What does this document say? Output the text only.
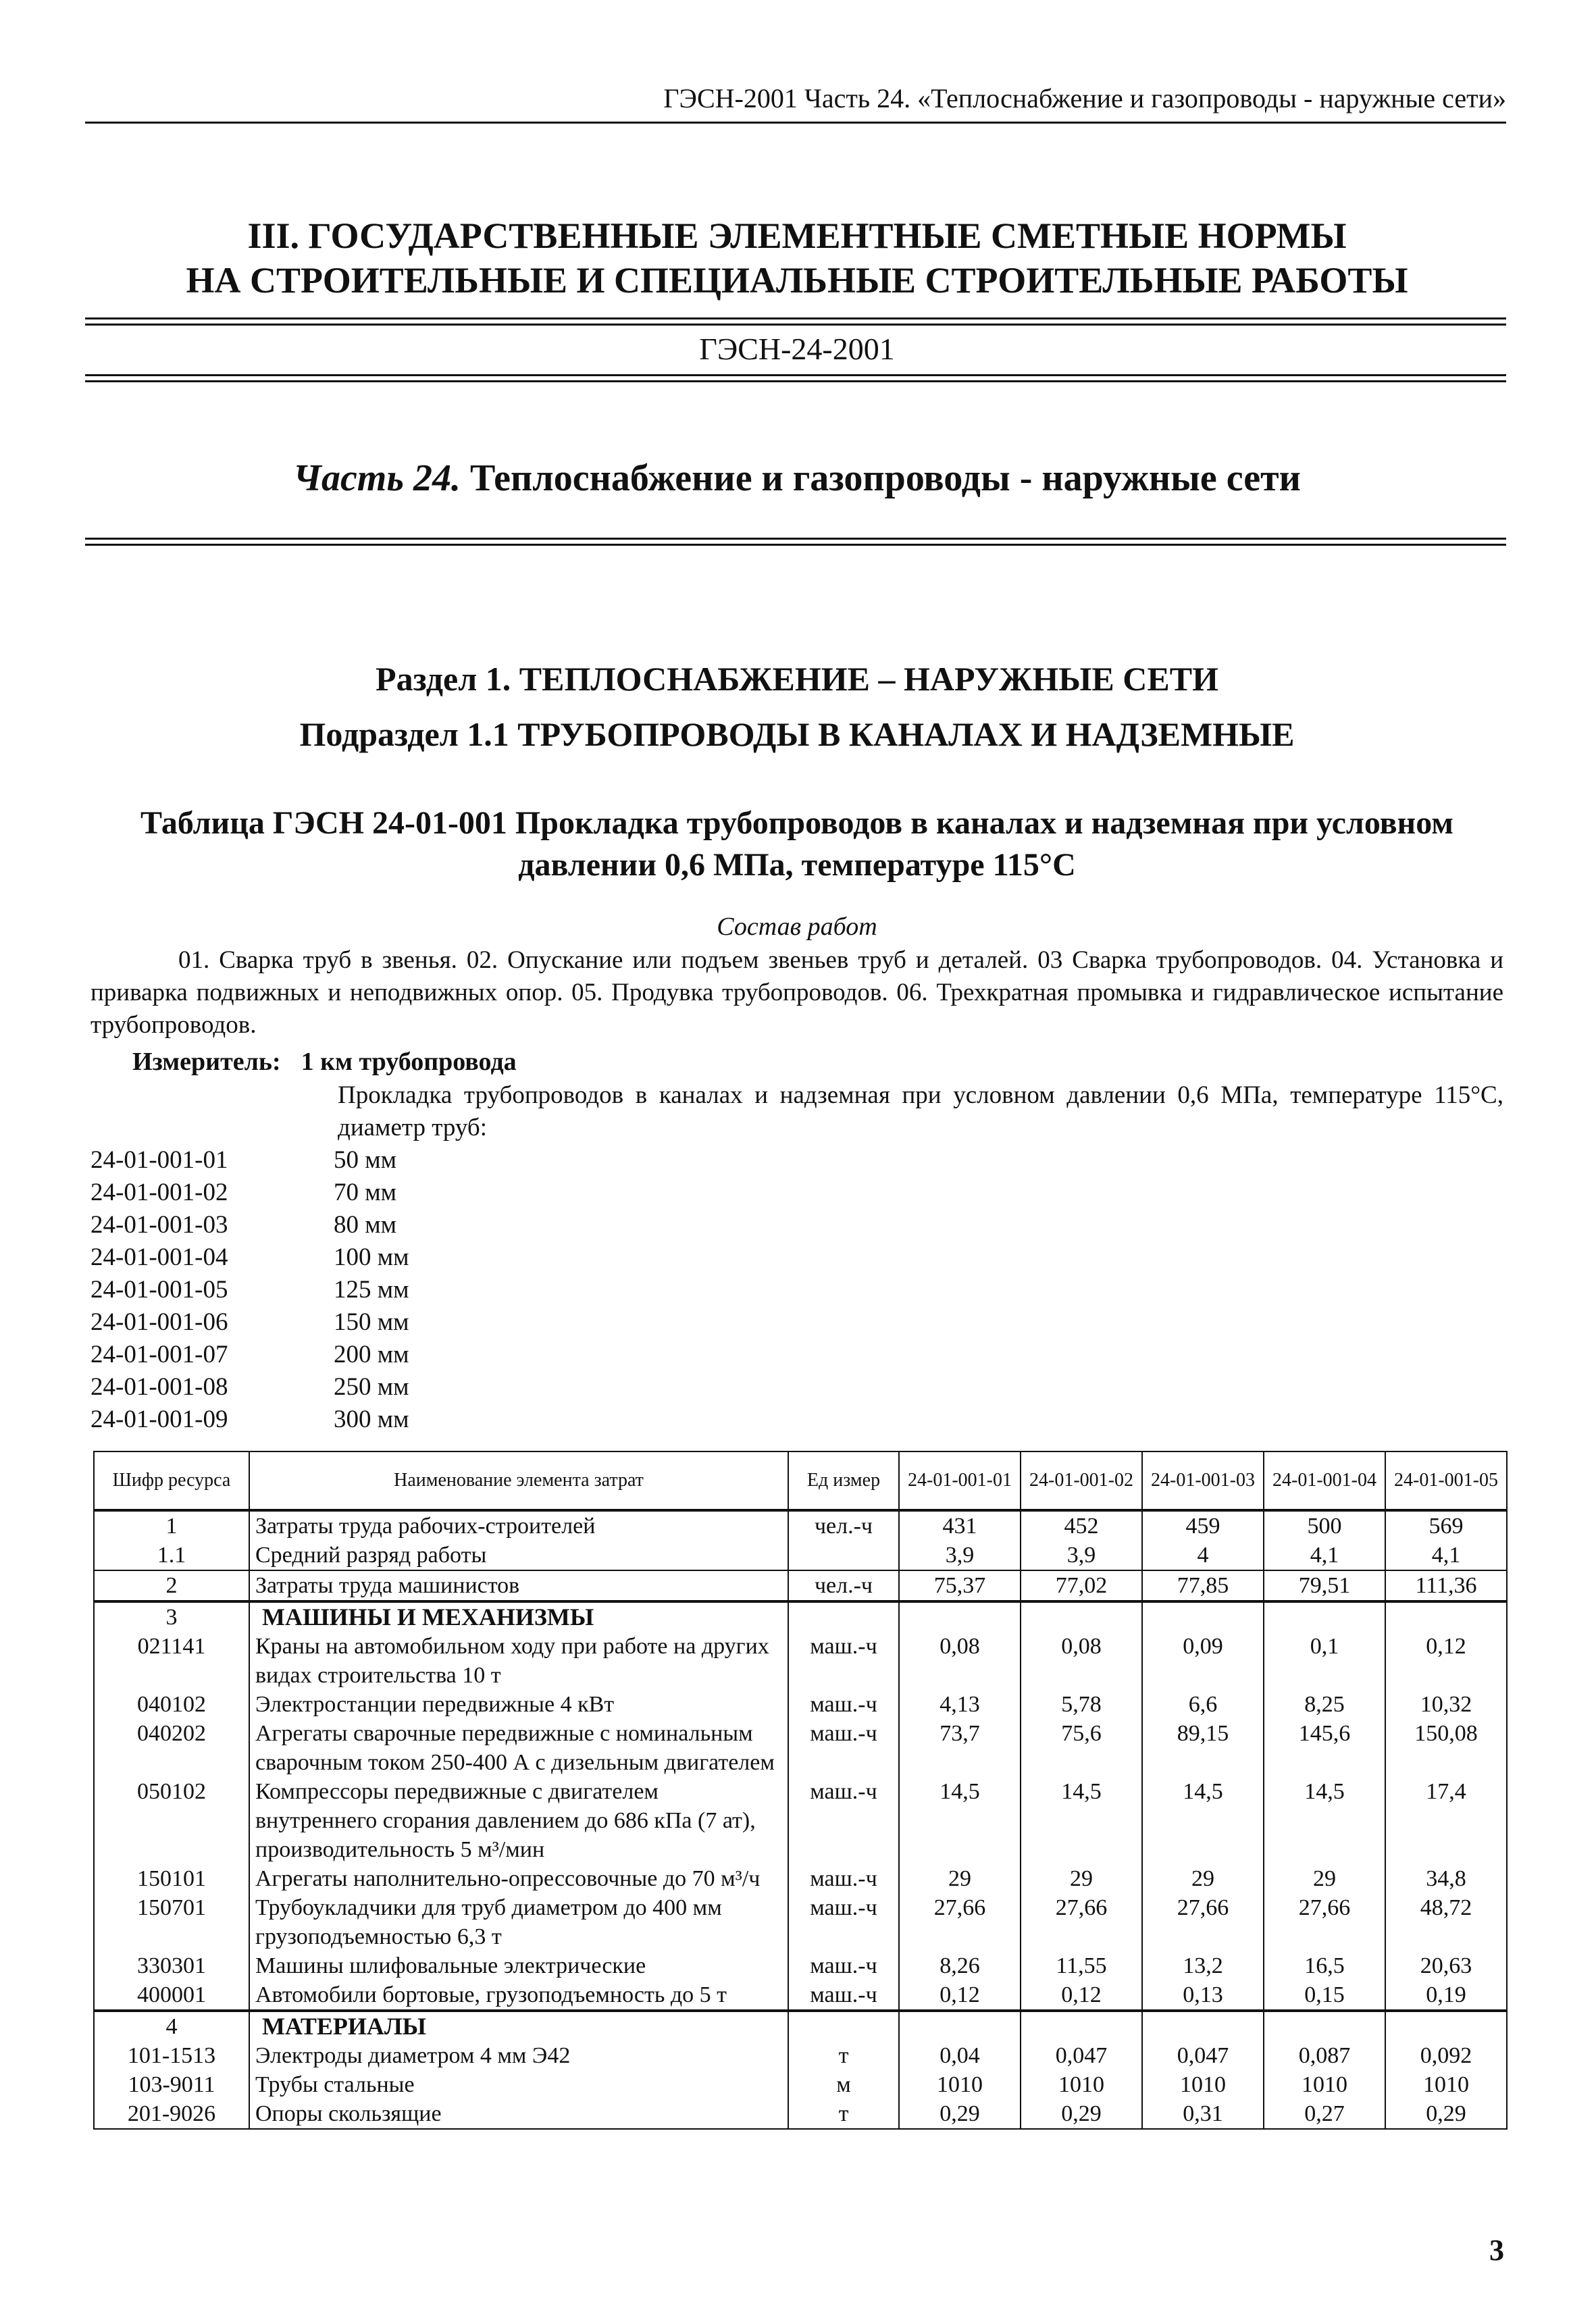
ГЭСН-2001 Часть 24. «Теплоснабжение и газопроводы - наружные сети»
III. ГОСУДАРСТВЕННЫЕ ЭЛЕМЕНТНЫЕ СМЕТНЫЕ НОРМЫ
НА СТРОИТЕЛЬНЫЕ И СПЕЦИАЛЬНЫЕ СТРОИТЕЛЬНЫЕ РАБОТЫ
ГЭСН-24-2001
Часть 24. Теплоснабжение и газопроводы - наружные сети
Раздел 1. ТЕПЛОСНАБЖЕНИЕ – НАРУЖНЫЕ СЕТИ
Подраздел 1.1 ТРУБОПРОВОДЫ В КАНАЛАХ И НАДЗЕМНЫЕ
Таблица ГЭСН 24-01-001 Прокладка трубопроводов в каналах и надземная при условном
давлении 0,6 МПа, температуре 115°С
Состав работ
01. Сварка труб в звенья. 02. Опускание или подъем звеньев труб и деталей. 03 Сварка трубопроводов. 04. Установка и приварка подвижных и неподвижных опор. 05. Продувка трубопроводов. 06. Трехкратная промывка и гидравлическое испытание трубопроводов.
Измеритель: 1 км трубопровода
Прокладка трубопроводов в каналах и надземная при условном давлении 0,6 МПа, температуре 115°С, диаметр труб:
24-01-001-01	50 мм
24-01-001-02	70 мм
24-01-001-03	80 мм
24-01-001-04	100 мм
24-01-001-05	125 мм
24-01-001-06	150 мм
24-01-001-07	200 мм
24-01-001-08	250 мм
24-01-001-09	300 мм
Шифр ресурса	Наименование элемента затрат	Ед измер	24-01-001-01	24-01-001-02	24-01-001-03	24-01-001-04	24-01-001-05
1	Затраты труда рабочих-строителей	чел.-ч	431	452	459	500	569
1.1	Средний разряд работы		3,9	3,9	4	4,1	4,1
2	Затраты труда машинистов	чел.-ч	75,37	77,02	77,85	79,51	111,36
3	МАШИНЫ И МЕХАНИЗМЫ						
021141	Краны на автомобильном ходу при работе на других видах строительства 10 т	маш.-ч	0,08	0,08	0,09	0,1	0,12
040102	Электростанции передвижные 4 кВт	маш.-ч	4,13	5,78	6,6	8,25	10,32
040202	Агрегаты сварочные передвижные с номинальным сварочным током 250-400 А с дизельным двигателем	маш.-ч	73,7	75,6	89,15	145,6	150,08
050102	Компрессоры передвижные с двигателем внутреннего сгорания давлением до 686 кПа (7 ат), производительность 5 м³/мин	маш.-ч	14,5	14,5	14,5	14,5	17,4
150101	Агрегаты наполнительно-опрессовочные до 70 м³/ч	маш.-ч	29	29	29	29	34,8
150701	Трубоукладчики для труб диаметром до 400 мм грузоподъемностью 6,3 т	маш.-ч	27,66	27,66	27,66	27,66	48,72
330301	Машины шлифовальные электрические	маш.-ч	8,26	11,55	13,2	16,5	20,63
400001	Автомобили бортовые, грузоподъемность до 5 т	маш.-ч	0,12	0,12	0,13	0,15	0,19
4	МАТЕРИАЛЫ						
101-1513	Электроды диаметром 4 мм Э42	т	0,04	0,047	0,047	0,087	0,092
103-9011	Трубы стальные	м	1010	1010	1010	1010	1010
201-9026	Опоры скользящие	т	0,29	0,29	0,31	0,27	0,29
3
